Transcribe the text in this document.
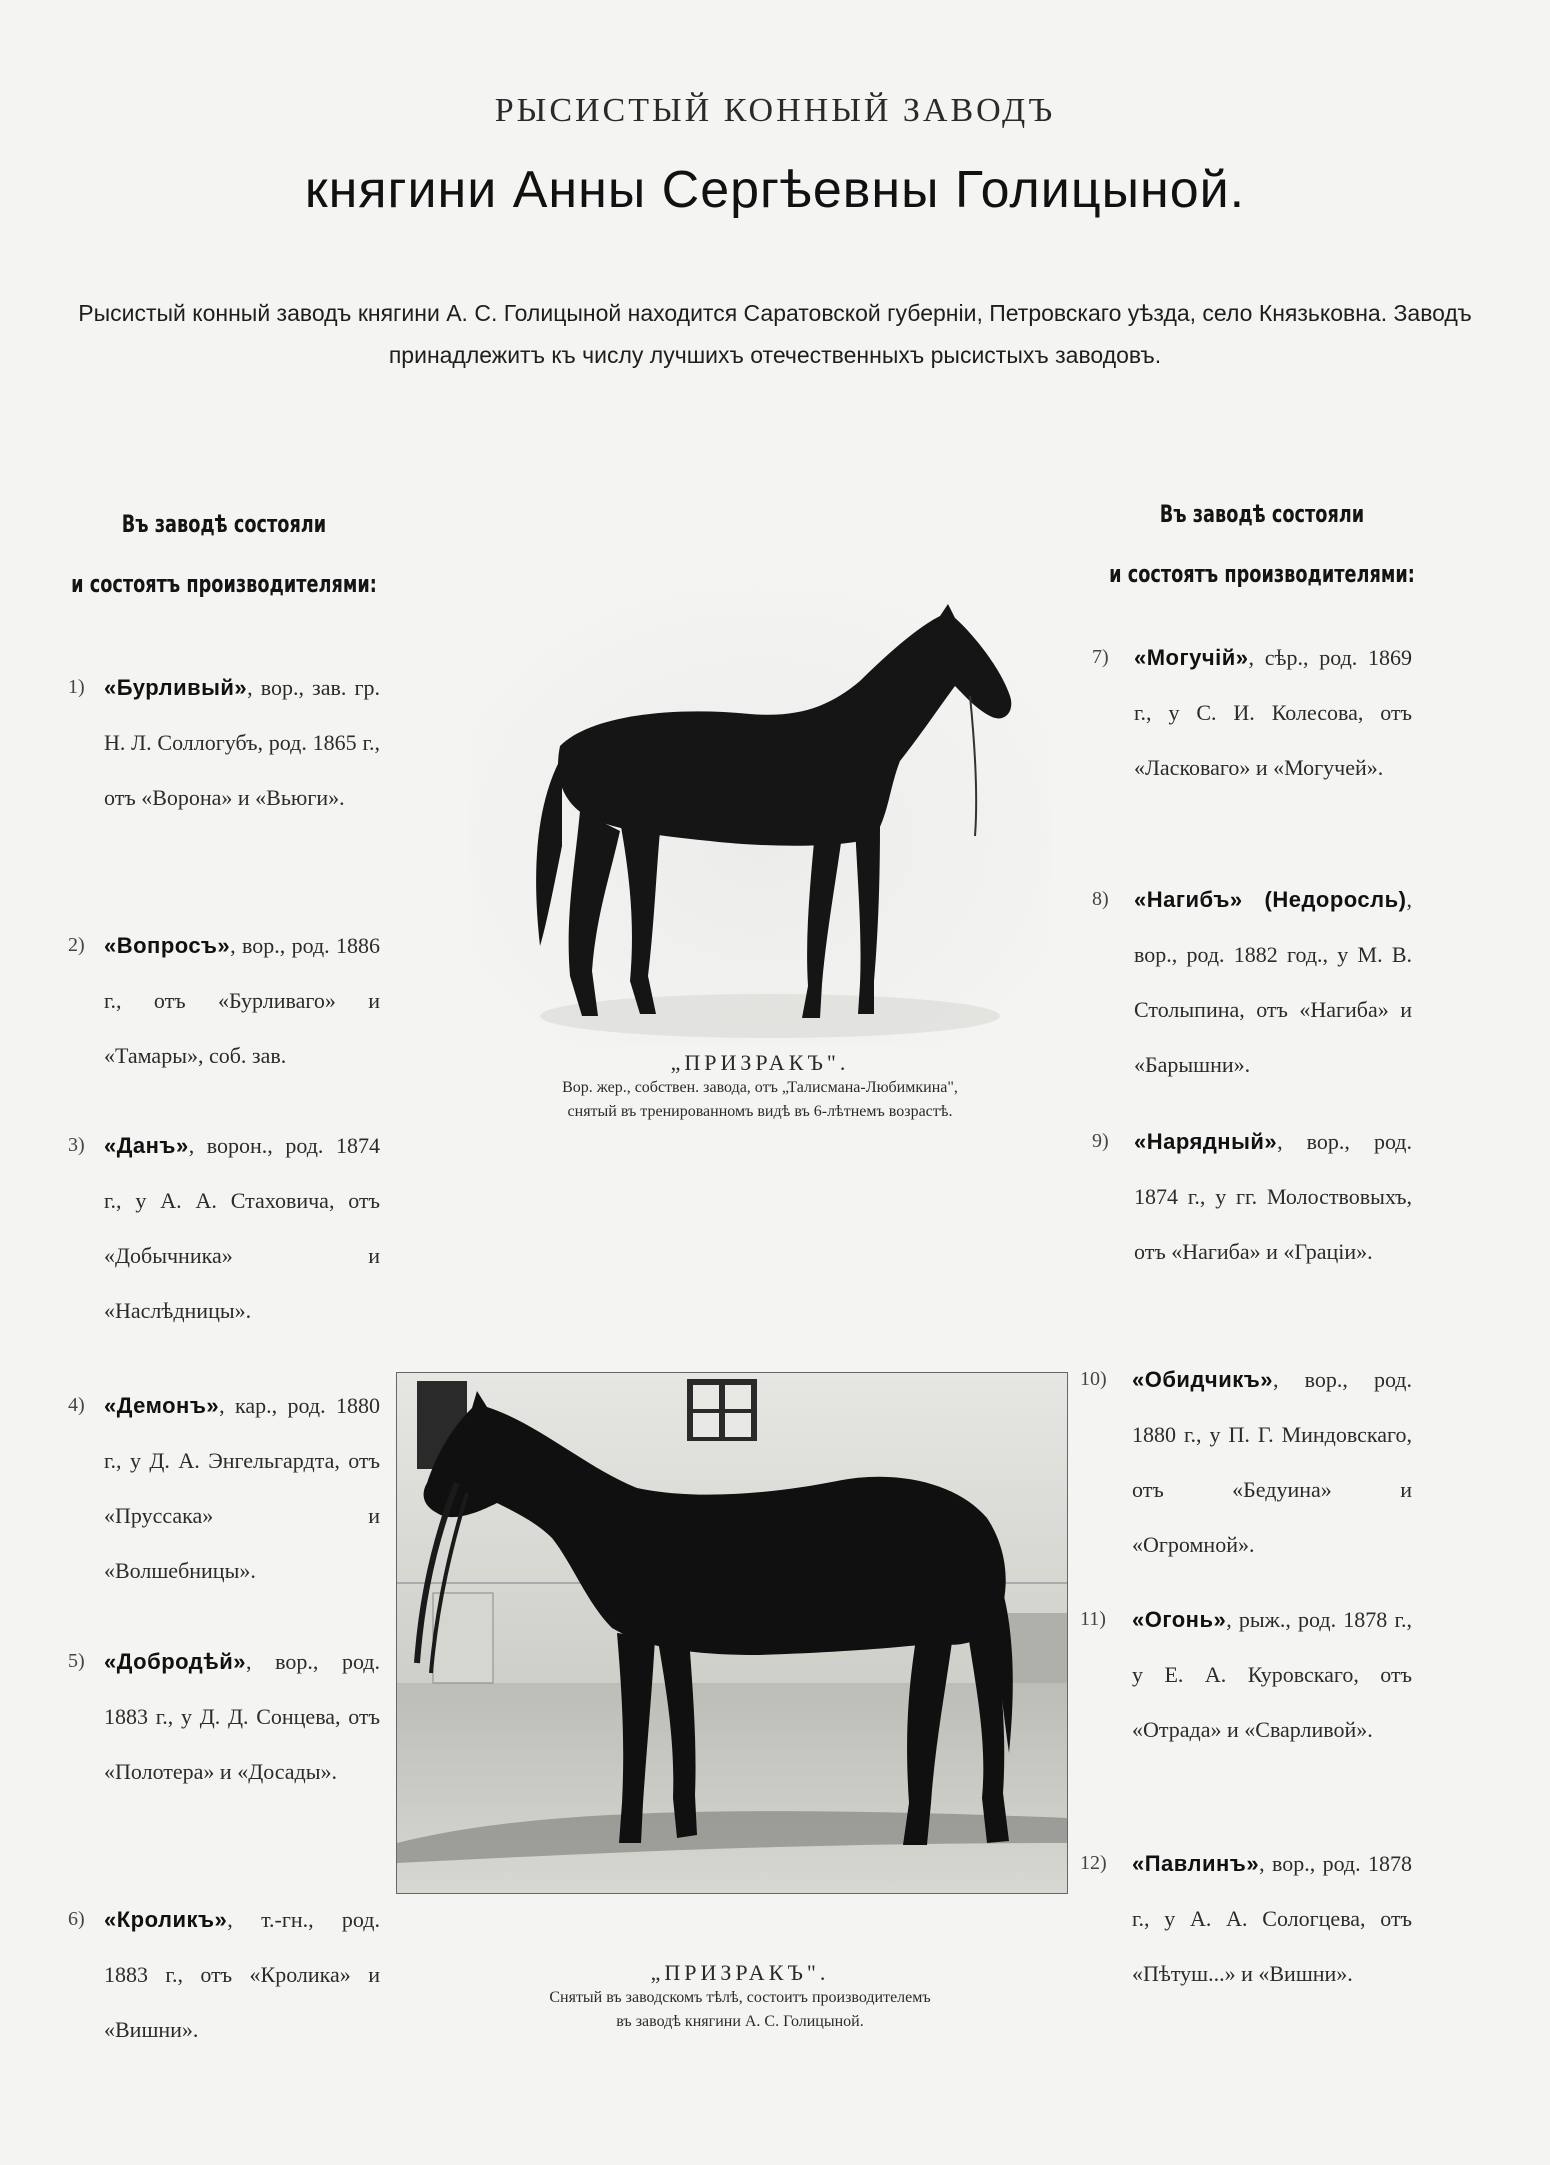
РЫСИСТЫЙ КОННЫЙ ЗАВОДЪ
княгини Анны Сергѣевны Голицыной.
Рысистый конный заводъ княгини А. С. Голицыной находится Саратовской губерніи, Петровскаго уѣзда, село Князьковна. Заводъ принадлежитъ къ числу лучшихъ отечественныхъ рысистыхъ заводовъ.
Въ заводѣ состояли
и состоятъ производителями:
Въ заводѣ состояли
и состоятъ производителями:
1) «Бурливый», вор., зав. гр. Н. Л. Соллогубъ, род. 1865 г., отъ «Ворона» и «Вьюги».
2) «Вопросъ», вор., род. 1886 г., отъ «Бурливаго» и «Тамары», соб. зав.
3) «Данъ», ворон., род. 1874 г., у А. А. Стаховича, отъ «Добычника» и «Наслѣдницы».
4) «Демонъ», кар., род. 1880 г., у Д. А. Энгельгардта, отъ «Пруссака» и «Волшебницы».
5) «Добродѣй», вор., род. 1883 г., у Д. Д. Сонцева, отъ «Полотера» и «Досады».
6) «Кроликъ», т.-гн., род. 1883 г., отъ «Кролика» и «Вишни».
7)	«Могучій», сѣр., род. 1869 г., у С. И. Колесова, отъ «Ласковаго» и «Могучей».
8)	«Нагибъ» (Недоросль), вор., род. 1882 год., у М. В. Столыпина, отъ «Нагиба» и «Барышни».
9)	«Нарядный», вор., род. 1874 г., у гг. Молоствовыхъ, отъ «Нагиба» и «Граціи».
10)	«Обидчикъ», вор., род. 1880 г., у П. Г. Миндовскаго, отъ «Бедуина» и «Огромной».
11)	«Огонь», рыж., род. 1878 г., у Е. А. Куровскаго, отъ «Отрада» и «Сварливой».
12)	«Павлинъ», вор., род. 1878 г., у А. А. Сологцева, отъ «Пѣтуш...» и «Вишни».
„ПРИЗРАКЪ".
Вор. жер., собствен. завода, отъ „Талисмана-Любимкина",
снятый въ тренированномъ видѣ въ 6-лѣтнемъ возрастѣ.
„ПРИЗРАКЪ".
Снятый въ заводскомъ тѣлѣ, состоитъ производителемъ
въ заводѣ княгини А. С. Голицыной.
